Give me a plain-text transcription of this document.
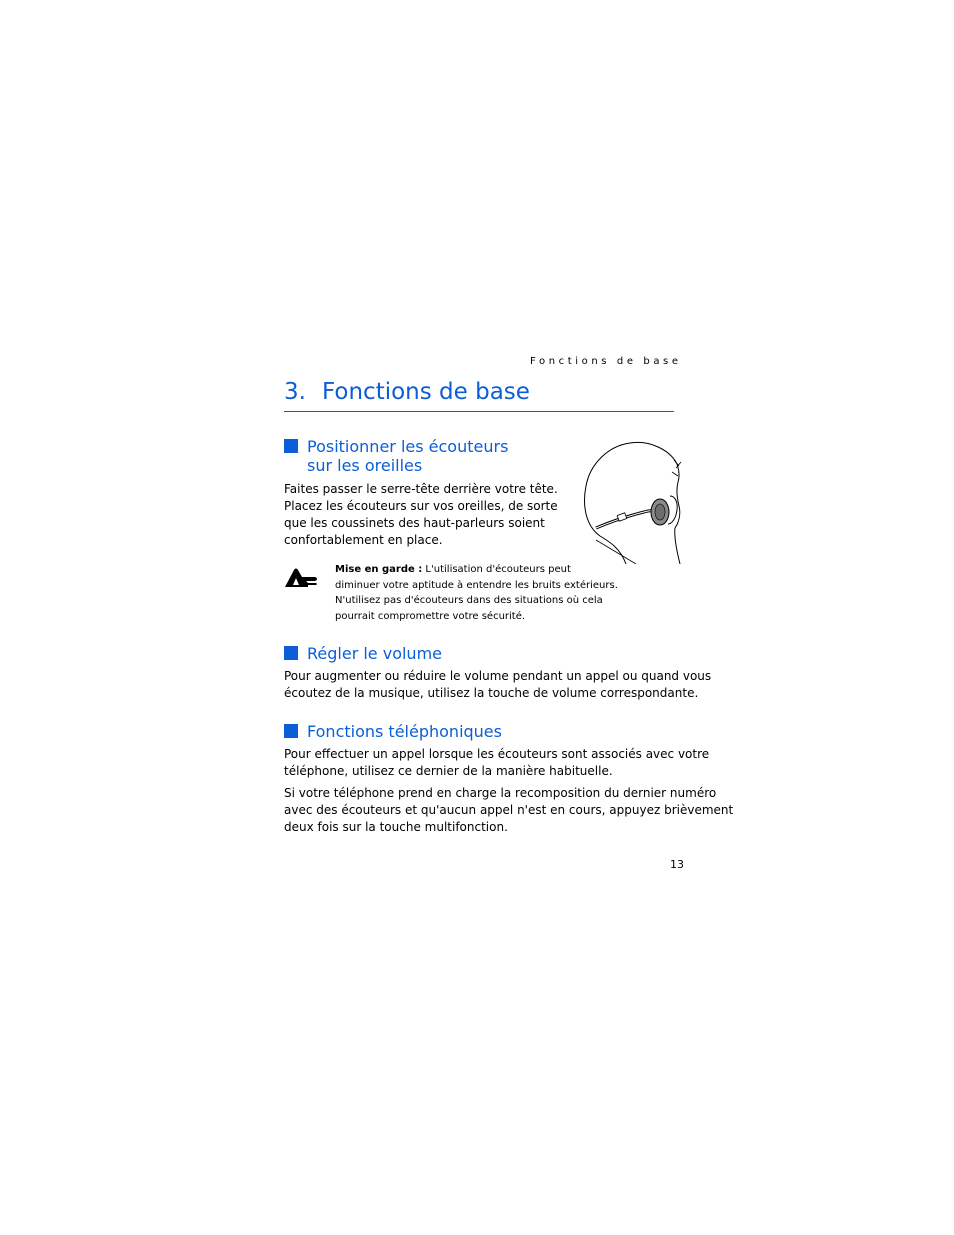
Fonctions de base
3. Fonctions de base
Positionner les écouteurs
sur les oreilles
Faites passer le serre-tête derrière votre tête.
Placez les écouteurs sur vos oreilles, de sorte
que les coussinets des haut-parleurs soient
confortablement en place.

Mise en garde : L'utilisation d'écouteurs peut
diminuer votre aptitude à entendre les bruits extérieurs.
N'utilisez pas d'écouteurs dans des situations où cela
pourrait compromettre votre sécurité.

Régler le volume
Pour augmenter ou réduire le volume pendant un appel ou quand vous
écoutez de la musique, utilisez la touche de volume correspondante.
Fonctions téléphoniques
Pour effectuer un appel lorsque les écouteurs sont associés avec votre
téléphone, utilisez ce dernier de la manière habituelle.
Si votre téléphone prend en charge la recomposition du dernier numéro
avec des écouteurs et qu'aucun appel n'est en cours, appuyez brièvement
deux fois sur la touche multifonction.
13
